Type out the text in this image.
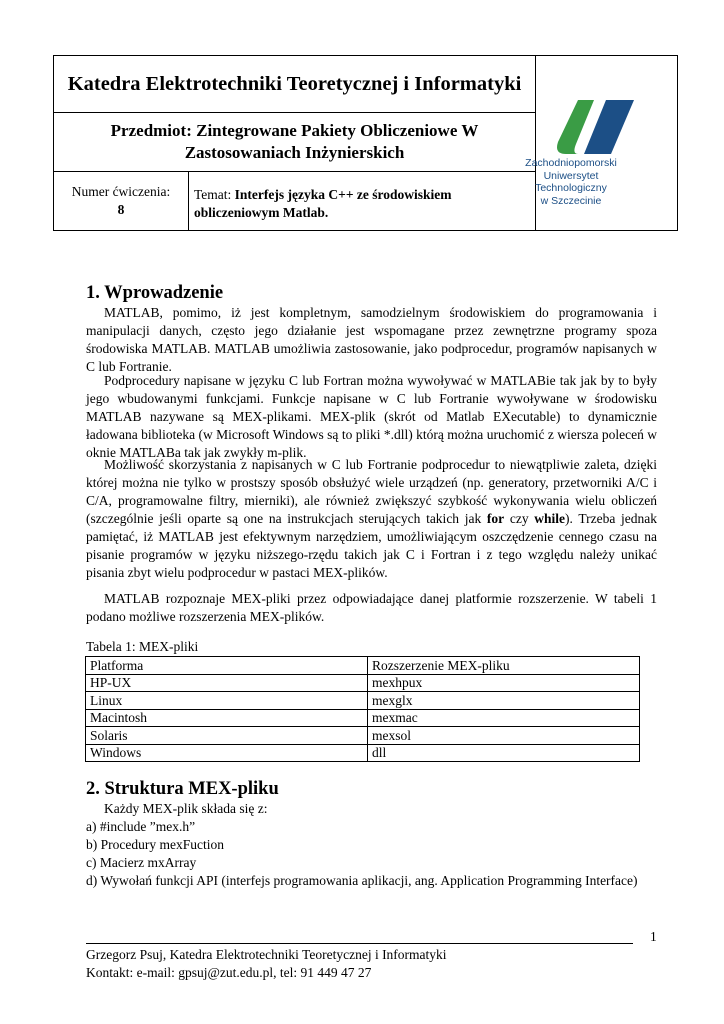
Katedra Elektrotechniki Teoretycznej i Informatyki
Przedmiot: Zintegrowane Pakiety Obliczeniowe W
Zastosowaniach Inżynierskich
Numer ćwiczenia:
8
Temat: Interfejs języka C++ ze środowiskiem obliczeniowym Matlab.
Zachodniopomorski
Uniwersytet
Technologiczny
w Szczecinie
1. Wprowadzenie

MATLAB, pomimo, iż jest kompletnym, samodzielnym środowiskiem do programowania i manipulacji danych, często jego działanie jest wspomagane przez zewnętrzne programy spoza środowiska MATLAB. MATLAB umożliwia zastosowanie, jako podprocedur, programów napisanych w C lub Fortranie.

Podprocedury napisane w języku C lub Fortran można wywoływać w MATLABie tak jak by to były jego wbudowanymi funkcjami. Funkcje napisane w C lub Fortranie wywoływane w środowisku MATLAB nazywane są MEX-plikami. MEX-plik (skrót od Matlab EXecutable) to dynamicznie ładowana biblioteka (w Microsoft Windows są to pliki *.dll) którą można uruchomić z wiersza poleceń w oknie MATLABa tak jak zwykły m-plik.

Możliwość skorzystania z napisanych w C lub Fortranie podprocedur to niewątpliwie zaleta, dzięki której można nie tylko w prostszy sposób obsłużyć wiele urządzeń (np. generatory, przetworniki A/C i C/A, programowalne filtry, mierniki), ale również zwiększyć szybkość wykonywania wielu obliczeń (szczególnie jeśli oparte są one na instrukcjach sterujących takich jak for czy while). Trzeba jednak pamiętać, iż MATLAB jest efektywnym narzędziem, umożliwiającym oszczędzenie cennego czasu na pisanie programów w języku niższego-rzędu takich jak C i Fortran i z tego względu należy unikać pisania zbyt wielu podprocedur w pastaci MEX-plików.

MATLAB rozpoznaje MEX-pliki przez odpowiadające danej platformie rozszerzenie. W tabeli 1 podano możliwe rozszerzenia MEX-plików.

Tabela 1: MEX-pliki
Platforma	Rozszerzenie MEX-pliku
HP-UX	mexhpux
Linux	mexglx
Macintosh	mexmac
Solaris	mexsol
Windows	dll
2. Struktura MEX-pliku

Każdy MEX-plik składa się z:

a) #include ”mex.h”

b) Procedury mexFuction

c) Macierz mxArray

d) Wywołań funkcji API (interfejs programowania aplikacji, ang. Application Programming Interface)

1
Grzegorz Psuj, Katedra Elektrotechniki Teoretycznej i Informatyki
Kontakt: e-mail: gpsuj@zut.edu.pl, tel: 91 449 47 27
